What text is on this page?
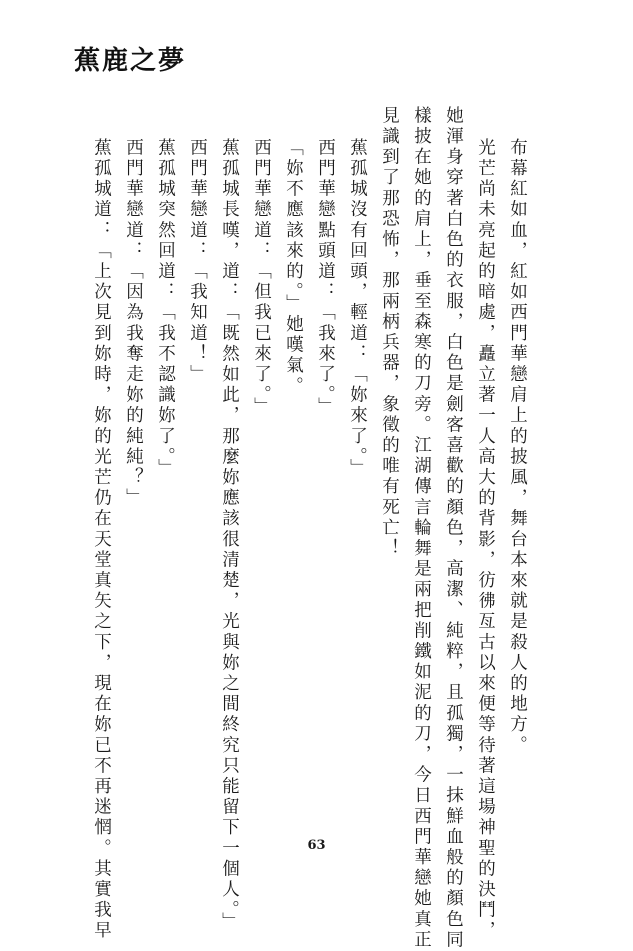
蕉鹿之夢
布幕紅如血，紅如西門華戀肩上的披風，舞台本來就是殺人的地方。
光芒尚未亮起的暗處，矗立著一人高大的背影，彷彿亙古以來便等待著這場神聖的決鬥，
她渾身穿著白色的衣服，白色是劍客喜歡的顏色，高潔、純粹，且孤獨，一抹鮮血般的顏色同
樣披在她的肩上，垂至森寒的刀旁。江湖傳言輪舞是兩把削鐵如泥的刀，今日西門華戀她真正
見識到了那恐怖，那兩柄兵器，象徵的唯有死亡！
蕉孤城沒有回頭，輕道：「妳來了。」
西門華戀點頭道：「我來了。」
「妳不應該來的。」她嘆氣。
西門華戀道：「但我已來了。」
蕉孤城長嘆，道：「既然如此，那麼妳應該很清楚，光與妳之間終究只能留下一個人。」
西門華戀道：「我知道！」
蕉孤城突然回道：「我不認識妳了。」
西門華戀道：「因為我奪走妳的純純？」
蕉孤城道：「上次見到妳時，妳的光芒仍在天堂真矢之下，現在妳已不再迷惘。其實我早	63
